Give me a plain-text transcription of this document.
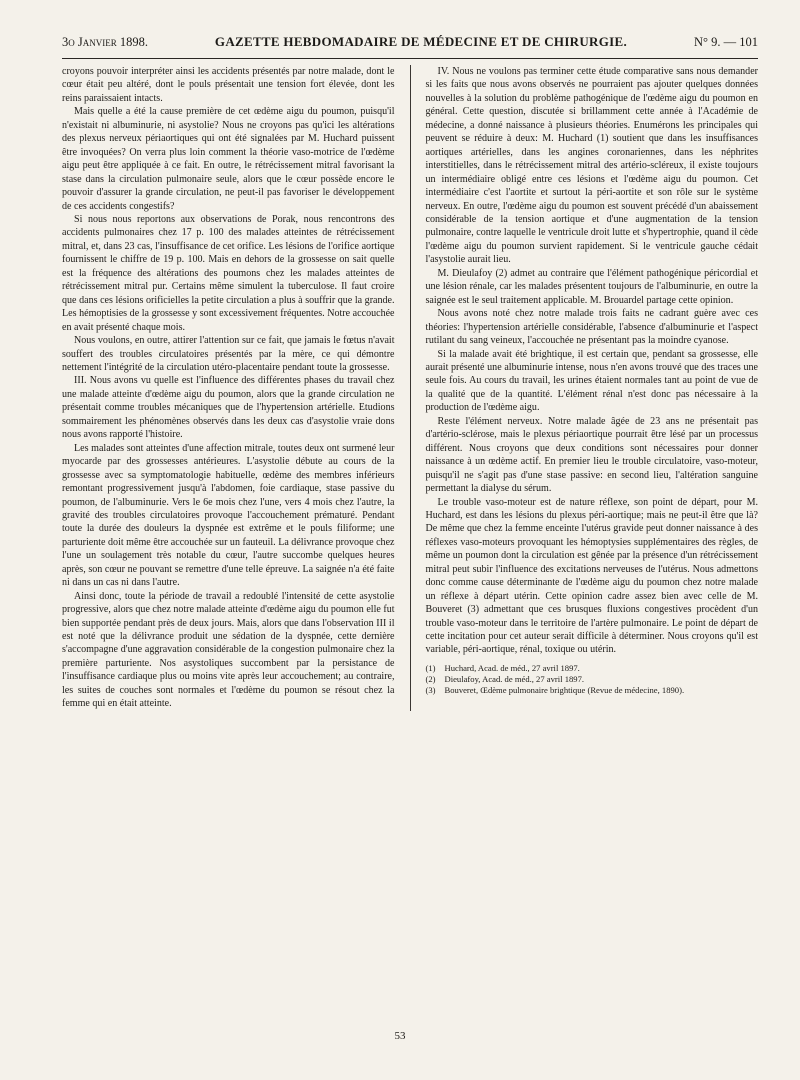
3o Janvier 1898.	GAZETTE HEBDOMADAIRE DE MÉDECINE ET DE CHIRURGIE.	N° 9. — 101

croyons pouvoir interpréter ainsi les accidents présentés par notre malade, dont le cœur était peu altéré, dont le pouls présentait une tension fort élevée, dont les reins paraissaient intacts.

Mais quelle a été la cause première de cet œdème aigu du poumon, puisqu'il n'existait ni albuminurie, ni asystolie? Nous ne croyons pas qu'ici les altérations des plexus nerveux périaortiques qui ont été signalées par M. Huchard puissent être invoquées? On verra plus loin comment la théorie vaso-motrice de l'œdème aigu peut être appliquée à ce fait. En outre, le rétrécissement mitral favorisant la stase dans la circulation pulmonaire seule, alors que le cœur possède encore le pouvoir d'assurer la grande circulation, ne peut-il pas favoriser le développement de ces accidents congestifs?

Si nous nous reportons aux observations de Porak, nous rencontrons des accidents pulmonaires chez 17 p. 100 des malades atteintes de rétrécissement mitral, et, dans 23 cas, l'insuffisance de cet orifice. Les lésions de l'orifice aortique fournissent le chiffre de 19 p. 100. Mais en dehors de la grossesse on sait quelle est la fréquence des altérations des poumons chez les malades atteintes de rétrécissement mitral pur. Certains même simulent la tuberculose. Il faut croire que dans ces lésions orificielles la petite circulation a plus à souffrir que la grande. Les hémoptisies de la grossesse y sont excessivement fréquentes. Notre accouchée en avait présenté chaque mois.

Nous voulons, en outre, attirer l'attention sur ce fait, que jamais le fœtus n'avait souffert des troubles circulatoires présentés par la mère, ce qui démontre nettement l'intégrité de la circulation utéro-placentaire pendant toute la grossesse.

III. Nous avons vu quelle est l'influence des différentes phases du travail chez une malade atteinte d'œdème aigu du poumon, alors que la grande circulation ne présentait comme troubles mécaniques que de l'hypertension artérielle. Etudions sommairement les phénomènes observés dans les deux cas d'asystolie vraie dons nous avons rapporté l'histoire.

Les malades sont atteintes d'une affection mitrale, toutes deux ont surmené leur myocarde par des grossesses antérieures. L'asystolie débute au cours de la grossesse avec sa symptomatologie habituelle, œdème des membres inférieurs remontant progressivement jusqu'à l'abdomen, foie cardiaque, stase passive du poumon, de l'albuminurie. Vers le 6e mois chez l'une, vers 4 mois chez l'autre, la gravité des troubles circulatoires provoque l'accouchement prématuré. Pendant toute la durée des douleurs la dyspnée est extrême et le pouls filiforme; une parturiente doit même être accouchée sur un fauteuil. La délivrance provoque chez l'une un soulagement très notable du cœur, l'autre succombe quelques heures après, son cœur ne pouvant se remettre d'une telle épreuve. La saignée n'a été faite ni dans un cas ni dans l'autre.

Ainsi donc, toute la période de travail a redoublé l'intensité de cette asystolie progressive, alors que chez notre malade atteinte d'œdème aigu du poumon elle fut bien supportée pendant près de deux jours. Mais, alors que dans l'observation III il est noté que la délivrance produit une sédation de la dyspnée, cette dernière s'accompagne d'une aggravation considérable de la congestion pulmonaire chez la première parturiente. Nos asystoliques succombent par la persistance de l'insuffisance cardiaque plus ou moins vite après leur accouchement; au contraire, les suites de couches sont normales et l'œdème du poumon se résout chez la femme qui en était atteinte.

IV. Nous ne voulons pas terminer cette étude comparative sans nous demander si les faits que nous avons observés ne pourraient pas ajouter quelques données nouvelles à la solution du problème pathogénique de l'œdème aigu du poumon en général. Cette question, discutée si brillamment cette année à l'Académie de médecine, a donné naissance à plusieurs théories. Enumérons les principales qui peuvent se réduire à deux: M. Huchard (1) soutient que dans les insuffisances aortiques artérielles, dans les angines coronariennes, dans les néphrites interstitielles, dans le rétrécissement mitral des artério-scléreux, il existe toujours un intermédiaire obligé entre ces lésions et l'œdème aigu du poumon. Cet intermédiaire c'est l'aortite et surtout la péri-aortite et son rôle sur le système nerveux. En outre, l'œdème aigu du poumon est souvent précédé d'un abaissement considérable de la tension aortique et d'une augmentation de la tension pulmonaire, contre laquelle le ventricule droit lutte et s'hypertrophie, quand il cède l'œdème aigu du poumon survient rapidement. Si le ventricule gauche cédait l'asystolie aurait lieu.

M. Dieulafoy (2) admet au contraire que l'élément pathogénique péricordial et une lésion rénale, car les malades présentent toujours de l'albuminurie, en outre la saignée est le seul traitement applicable. M. Brouardel partage cette opinion.

Nous avons noté chez notre malade trois faits ne cadrant guère avec ces théories: l'hypertension artérielle considérable, l'absence d'albuminurie et l'aspect rutilant du sang veineux, l'accouchée ne présentant pas la moindre cyanose.

Si la malade avait été brightique, il est certain que, pendant sa grossesse, elle aurait présenté une albuminurie intense, nous n'en avons trouvé que des traces une seule fois. Au cours du travail, les urines étaient normales tant au point de vue de la qualité que de la quantité. L'élément rénal n'est donc pas nécessaire à la production de l'œdème aigu.

Reste l'élément nerveux. Notre malade âgée de 23 ans ne présentait pas d'artério-sclérose, mais le plexus périaortique pourrait être lésé par un processus différent. Nous croyons que deux conditions sont nécessaires pour donner naissance à un œdème actif. En premier lieu le trouble circulatoire, vaso-moteur, puisqu'il ne s'agit pas d'une stase passive: en second lieu, l'altération sanguine permettant la dialyse du sérum.

Le trouble vaso-moteur est de nature réflexe, son point de départ, pour M. Huchard, est dans les lésions du plexus péri-aortique; mais ne peut-il être que là? De même que chez la femme enceinte l'utérus gravide peut donner naissance à des réflexes vaso-moteurs provoquant les hémoptysies supplémentaires des règles, de même un poumon dont la circulation est gênée par la présence d'un rétrécissement mitral peut subir l'influence des excitations nerveuses de l'utérus. Nous admettons donc comme cause déterminante de l'œdème aigu du poumon chez notre malade un réflexe à départ utérin. Cette opinion cadre assez bien avec celle de M. Bouveret (3) admettant que ces brusques fluxions congestives procèdent d'un trouble vaso-moteur dans le territoire de l'artère pulmonaire. Le point de départ de cette incitation pour cet auteur serait difficile à déterminer. Nous croyons qu'il est variable, péri-aortique, rénal, toxique ou utérin.

(1)	Huchard, Acad. de méd., 27 avril 1897.
(2)	Dieulafoy, Acad. de méd., 27 avril 1897.
(3)	Bouveret, Œdème pulmonaire brightique (Revue de médecine, 1890).
53
